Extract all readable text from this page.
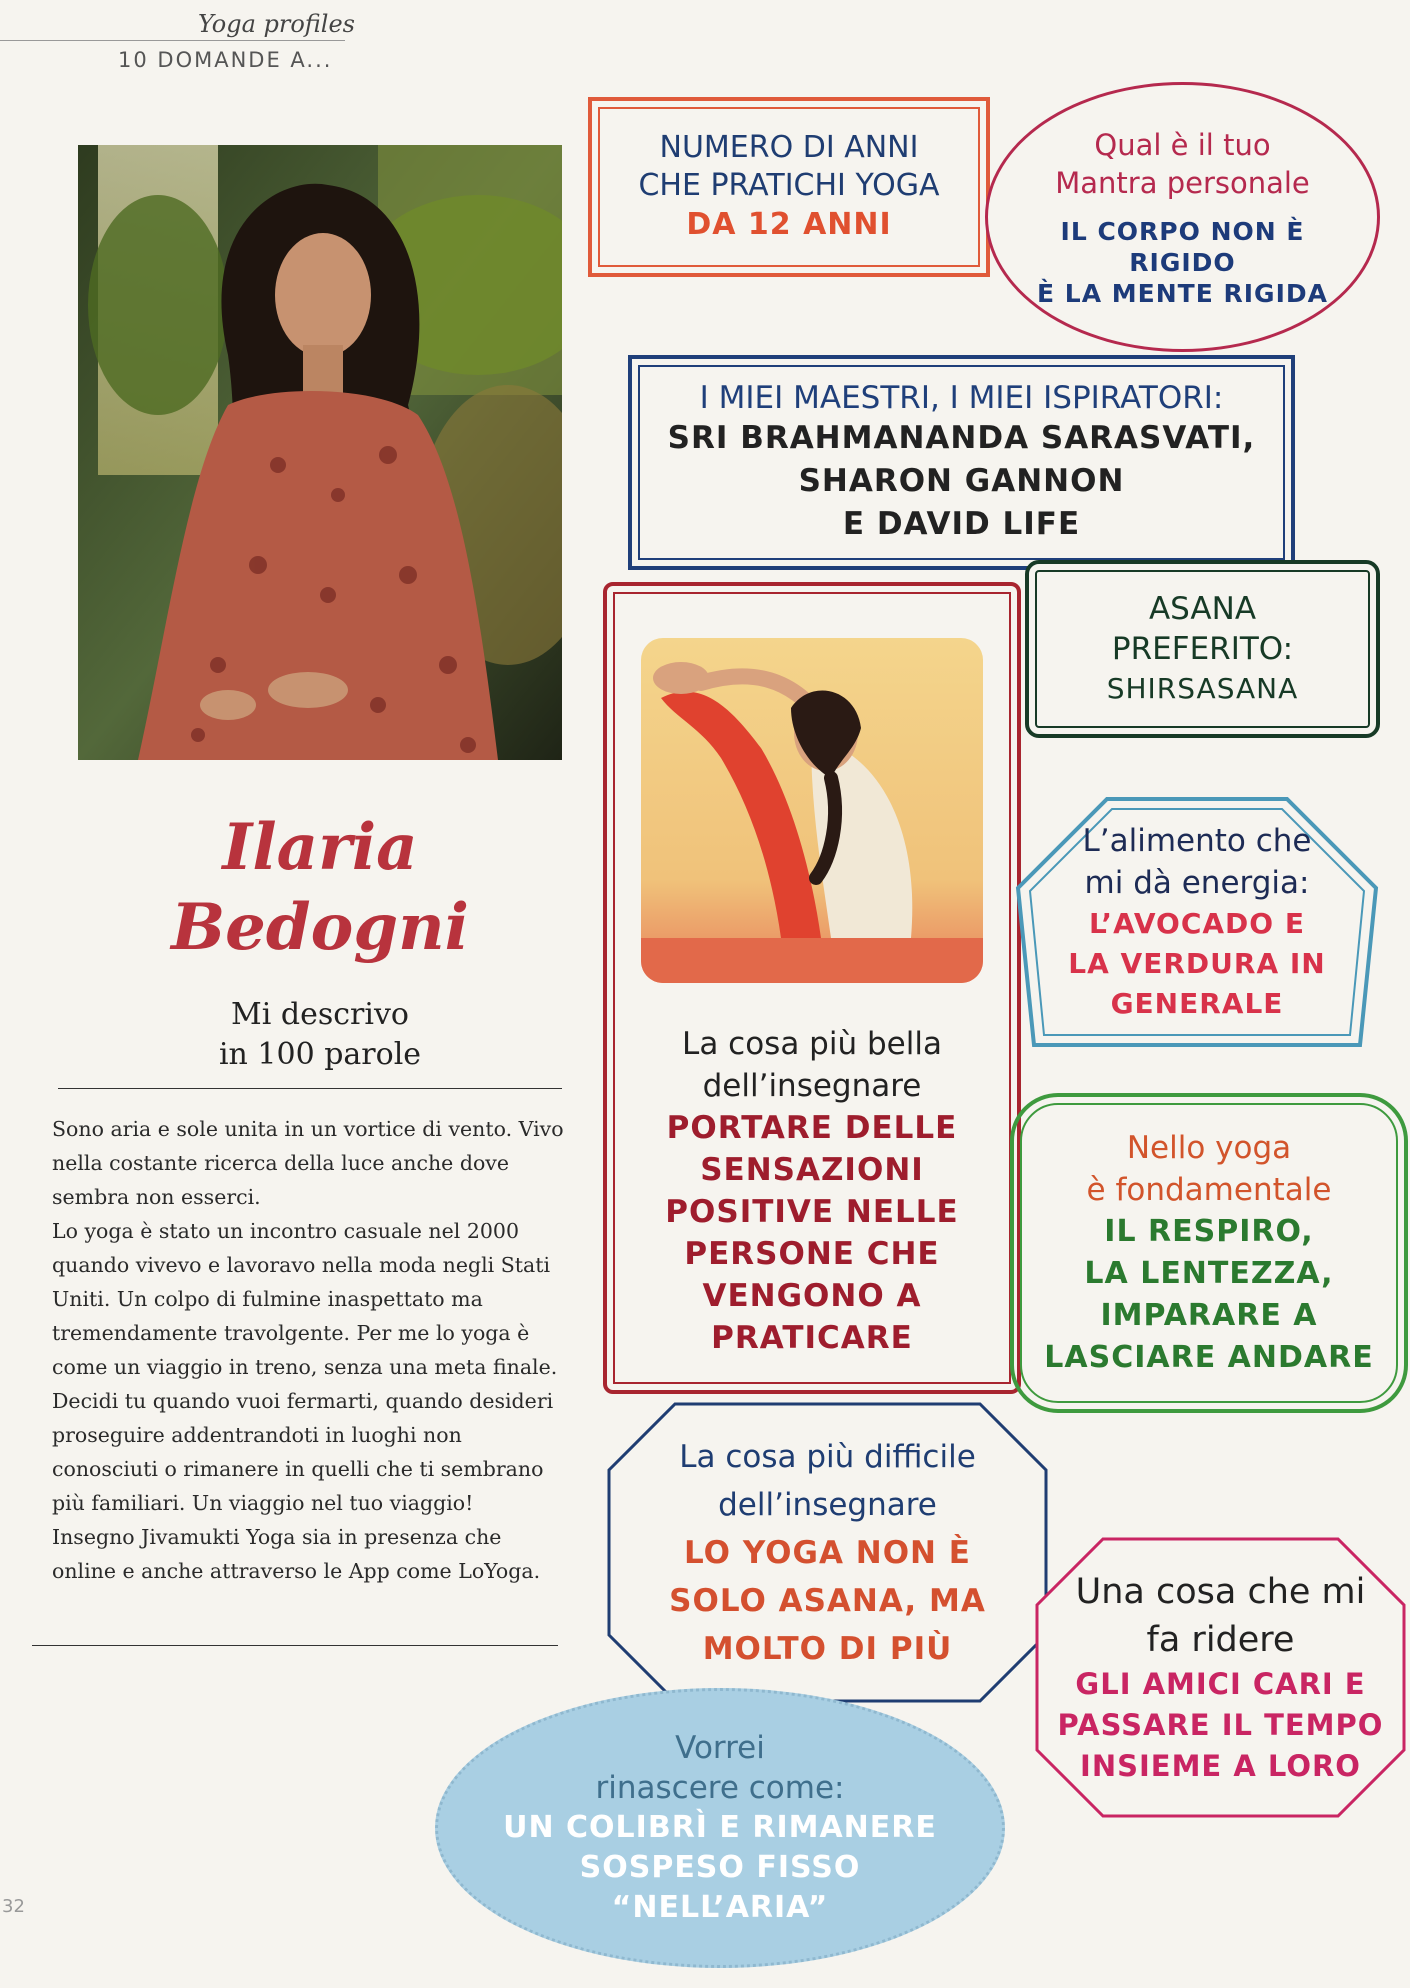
Yoga profiles
10 DOMANDE A...
Ilaria
Bedogni
Mi descrivo
in 100 parole

Sono aria e sole unita in un vortice di vento. Vivo nella costante ricerca della luce anche dove sembra non esserci.

Lo yoga è stato un incontro casuale nel 2000 quando vivevo e lavoravo nella moda negli Stati Uniti. Un colpo di fulmine inaspettato ma tremendamente travolgente. Per me lo yoga è come un viaggio in treno, senza una meta finale. Decidi tu quando vuoi fermarti, quando desideri proseguire addentrandoti in luoghi non conosciuti o rimanere in quelli che ti sembrano più familiari. Un viaggio nel tuo viaggio!

Insegno Jivamukti Yoga sia in presenza che online e anche attraverso le App come LoYoga.

32
NUMERO DI ANNI
CHE PRATICHI YOGA
DA 12 ANNI
I MIEI MAESTRI, I MIEI ISPIRATORI:
SRI BRAHMANANDA SARASVATI,
SHARON GANNON
E DAVID LIFE
Qual è il tuo
Mantra personale
IL CORPO NON È
RIGIDO
È LA MENTE RIGIDA
La cosa più bella
dell’insegnare
PORTARE DELLE
SENSAZIONI
POSITIVE NELLE
PERSONE CHE
VENGONO A
PRATICARE
ASANA
PREFERITO:
SHIRSASANA
L’alimento che
mi dà energia:
L’AVOCADO E
LA VERDURA IN
GENERALE
Nello yoga
è fondamentale
IL RESPIRO,
LA LENTEZZA,
IMPARARE A
LASCIARE ANDARE
La cosa più difficile
dell’insegnare
LO YOGA NON È
SOLO ASANA, MA
MOLTO DI PIÙ
Una cosa che mi
fa ridere
GLI AMICI CARI E
PASSARE IL TEMPO
INSIEME A LORO
Vorrei
rinascere come:
UN COLIBRÌ E RIMANERE
SOSPESO FISSO
“NELL’ARIA”
